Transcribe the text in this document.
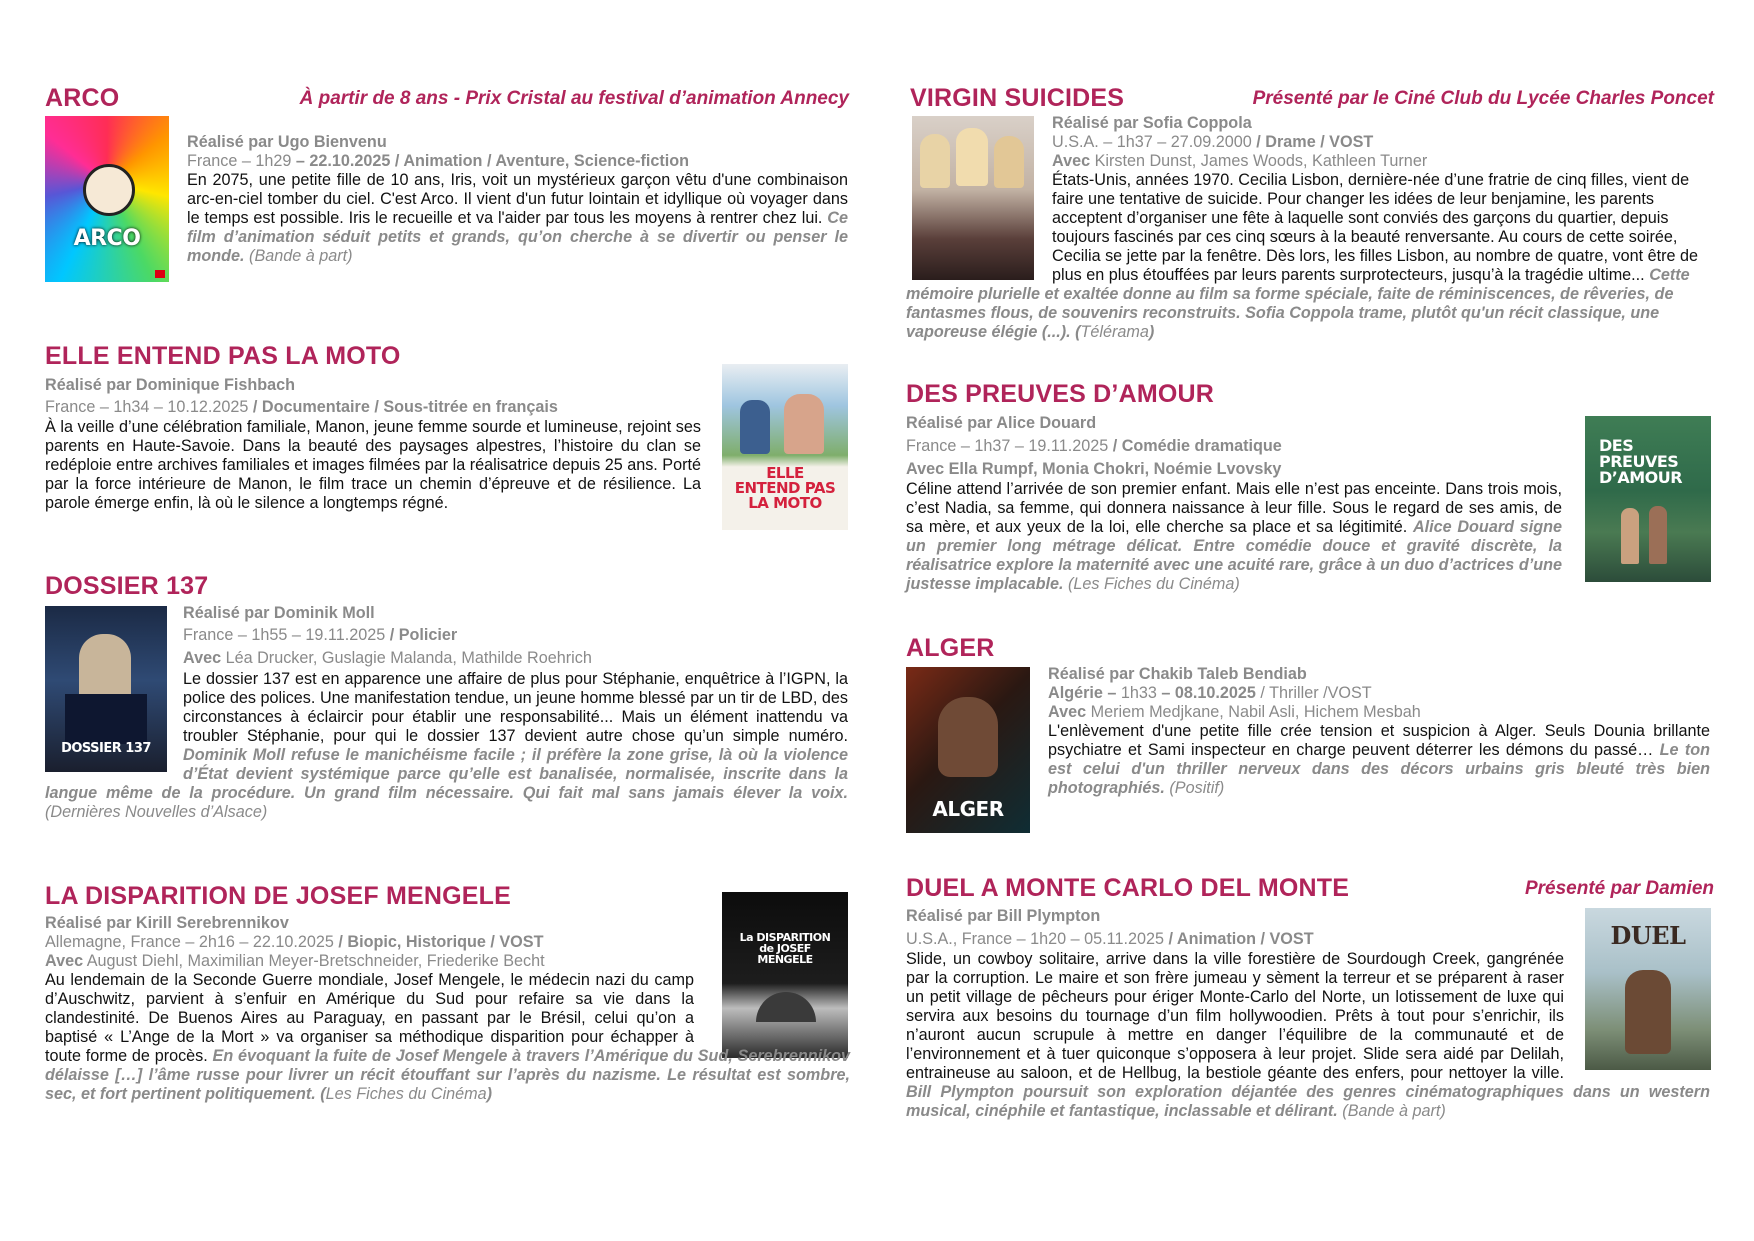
ARCO	À partir de 8 ans - Prix Cristal au festival d’animation Annecy
ARCO
Réalisé par Ugo Bienvenu
France – 1h29 – 22.10.2025 / Animation / Aventure, Science-fiction
En 2075, une petite fille de 10 ans, Iris, voit un mystérieux garçon vêtu d'une combinaison arc-en-ciel tomber du ciel. C'est Arco. Il vient d'un futur lointain et idyllique où voyager dans le temps est possible. Iris le recueille et va l'aider par tous les moyens à rentrer chez lui. Ce film d’animation séduit petits et grands, qu’on cherche à se divertir ou penser le monde. (Bande à part)
ELLE ENTEND PAS LA MOTO
Réalisé par Dominique Fishbach
France – 1h34 – 10.12.2025 / Documentaire / Sous-titrée en français
À la veille d’une célébration familiale, Manon, jeune femme sourde et lumineuse, rejoint ses parents en Haute-Savoie. Dans la beauté des paysages alpestres, l’histoire du clan se redéploie entre archives familiales et images filmées par la réalisatrice depuis 25 ans. Porté par la force intérieure de Manon, le film trace un chemin d’épreuve et de résilience. La parole émerge enfin, là où le silence a longtemps régné.
ELLE ENTEND PAS LA MOTO
DOSSIER 137
DOSSIER 137
Réalisé par Dominik Moll
France – 1h55 – 19.11.2025 / Policier
Avec Léa Drucker, Guslagie Malanda, Mathilde Roehrich
Le dossier 137 est en apparence une affaire de plus pour Stéphanie, enquêtrice à l’IGPN, la police des polices. Une manifestation tendue, un jeune homme blessé par un tir de LBD, des circonstances à éclaircir pour établir une responsabilité... Mais un élément inattendu va troubler Stéphanie, pour qui le dossier 137 devient autre chose qu’un simple numéro. Dominik Moll refuse le manichéisme facile ; il préfère la zone grise, là où la violence d’État devient systémique parce qu’elle est banalisée, normalisée, inscrite dans la langue même de la procédure. Un grand film nécessaire. Qui fait mal sans jamais élever la voix. (Dernières Nouvelles d’Alsace)
LA DISPARITION DE JOSEF MENGELE
Réalisé par Kirill Serebrennikov
Allemagne, France – 2h16 – 22.10.2025 / Biopic, Historique / VOST
Avec August Diehl, Maximilian Meyer-Bretschneider, Friederike Becht
La DISPARITION de JOSEF MENGELE
Au lendemain de la Seconde Guerre mondiale, Josef Mengele, le médecin nazi du camp d’Auschwitz, parvient à s’enfuir en Amérique du Sud pour refaire sa vie dans la clandestinité. De Buenos Aires au Paraguay, en passant par le Brésil, celui qu’on a baptisé « L’Ange de la Mort » va organiser sa méthodique disparition pour échapper à toute forme de procès. En évoquant la fuite de Josef Mengele à travers l’Amérique du Sud, Serebrennikov délaisse […] l’âme russe pour livrer un récit étouffant sur l’après du nazisme. Le résultat est sombre, sec, et fort pertinent politiquement. (Les Fiches du Cinéma)
VIRGIN SUICIDES	Présenté par le Ciné Club du Lycée Charles Poncet
Réalisé par Sofia Coppola
U.S.A. – 1h37 – 27.09.2000 / Drame / VOST
Avec Kirsten Dunst, James Woods, Kathleen Turner
États-Unis, années 1970. Cecilia Lisbon, dernière-née d’une fratrie de cinq filles, vient de faire une tentative de suicide. Pour changer les idées de leur benjamine, les parents acceptent d’organiser une fête à laquelle sont conviés des garçons du quartier, depuis toujours fascinés par ces cinq sœurs à la beauté renversante. Au cours de cette soirée, Cecilia se jette par la fenêtre. Dès lors, les filles Lisbon, au nombre de quatre, vont être de plus en plus étouffées par leurs parents surprotecteurs, jusqu’à la tragédie ultime... Cette mémoire plurielle et exaltée donne au film sa forme spéciale, faite de réminiscences, de rêveries, de fantasmes flous, de souvenirs reconstruits. Sofia Coppola trame, plutôt qu'un récit classique, une vaporeuse élégie (...). (Télérama)
DES PREUVES D’AMOUR
Réalisé par Alice Douard
France – 1h37 – 19.11.2025 / Comédie dramatique
Avec Ella Rumpf, Monia Chokri, Noémie Lvovsky
DES PREUVES D’AMOUR
Céline attend l’arrivée de son premier enfant. Mais elle n’est pas enceinte. Dans trois mois, c’est Nadia, sa femme, qui donnera naissance à leur fille. Sous le regard de ses amis, de sa mère, et aux yeux de la loi, elle cherche sa place et sa légitimité. Alice Douard signe un premier long métrage délicat. Entre comédie douce et gravité discrète, la réalisatrice explore la maternité avec une acuité rare, grâce à un duo d’actrices d’une justesse implacable. (Les Fiches du Cinéma)
ALGER
ALGER
Réalisé par Chakib Taleb Bendiab
Algérie – 1h33 – 08.10.2025 / Thriller /VOST
Avec Meriem Medjkane, Nabil Asli, Hichem Mesbah
L'enlèvement d'une petite fille crée tension et suspicion à Alger. Seuls Dounia brillante psychiatre et Sami inspecteur en charge peuvent déterrer les démons du passé… Le ton est celui d'un thriller nerveux dans des décors urbains gris bleuté très bien photographiés. (Positif)
DUEL A MONTE CARLO DEL MONTE	Présenté par Damien
Réalisé par Bill Plympton
U.S.A., France – 1h20 – 05.11.2025 / Animation / VOST	DUEL
Slide, un cowboy solitaire, arrive dans la ville forestière de Sourdough Creek, gangrénée par la corruption. Le maire et son frère jumeau y sèment la terreur et se préparent à raser un petit village de pêcheurs pour ériger Monte-Carlo del Norte, un lotissement de luxe qui servira aux besoins du tournage d’un film hollywoodien. Prêts à tout pour s’enrichir, ils n’auront aucun scrupule à mettre en danger l’équilibre de la communauté et de l’environnement et à tuer quiconque s’opposera à leur projet. Slide sera aidé par Delilah, entraineuse au saloon, et de Hellbug, la bestiole géante des enfers, pour nettoyer la ville. Bill Plympton poursuit son exploration déjantée des genres cinématographiques dans un western musical, cinéphile et fantastique, inclassable et délirant. (Bande à part)
